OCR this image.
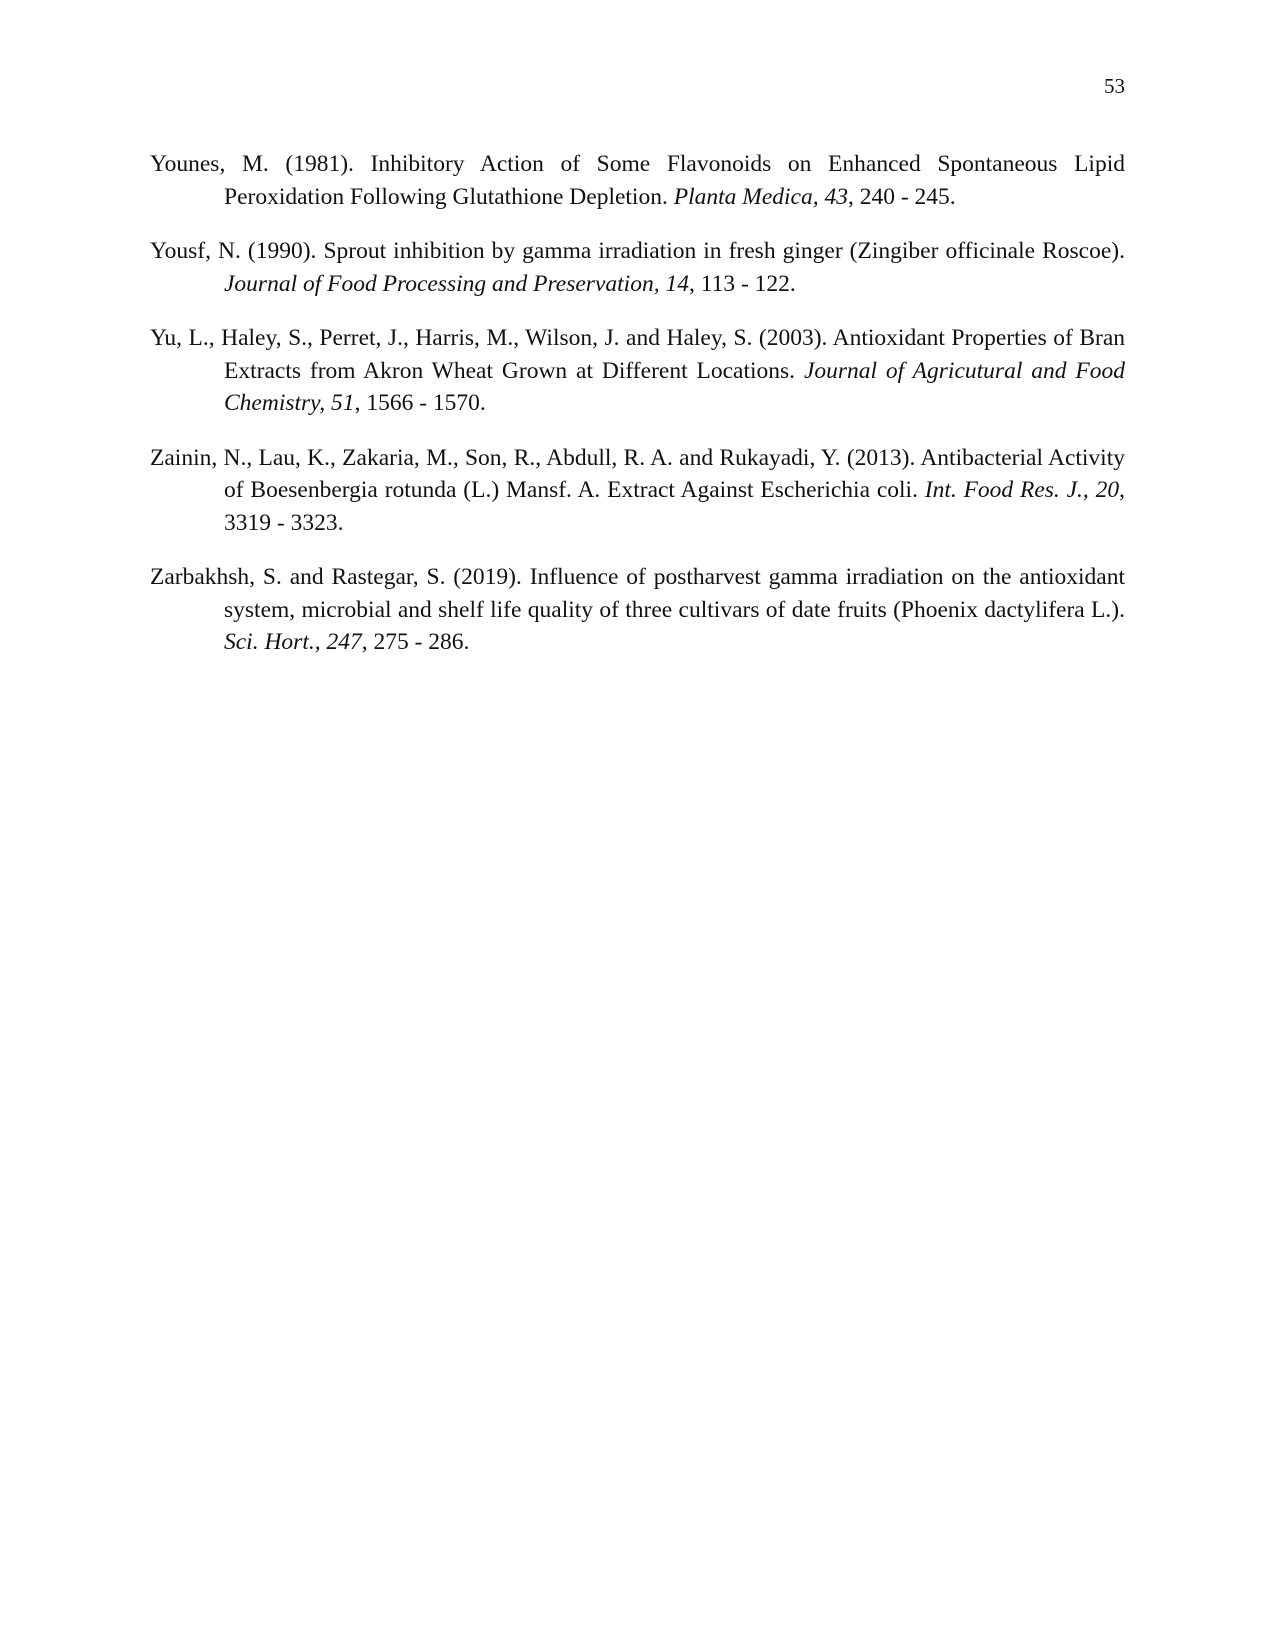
53

Younes, M. (1981). Inhibitory Action of Some Flavonoids on Enhanced Spontaneous Lipid Peroxidation Following Glutathione Depletion. Planta Medica, 43, 240 - 245.

Yousf, N. (1990). Sprout inhibition by gamma irradiation in fresh ginger (Zingiber officinale Roscoe). Journal of Food Processing and Preservation, 14, 113 - 122.

Yu, L., Haley, S., Perret, J., Harris, M., Wilson, J. and Haley, S. (2003). Antioxidant Properties of Bran Extracts from Akron Wheat Grown at Different Locations. Journal of Agricutural and Food Chemistry, 51, 1566 - 1570.

Zainin, N., Lau, K., Zakaria, M., Son, R., Abdull, R. A. and Rukayadi, Y. (2013). Antibacterial Activity of Boesenbergia rotunda (L.) Mansf. A. Extract Against Escherichia coli. Int. Food Res. J., 20, 3319 - 3323.

Zarbakhsh, S. and Rastegar, S. (2019). Influence of postharvest gamma irradiation on the antioxidant system, microbial and shelf life quality of three cultivars of date fruits (Phoenix dactylifera L.). Sci. Hort., 247, 275 - 286.
